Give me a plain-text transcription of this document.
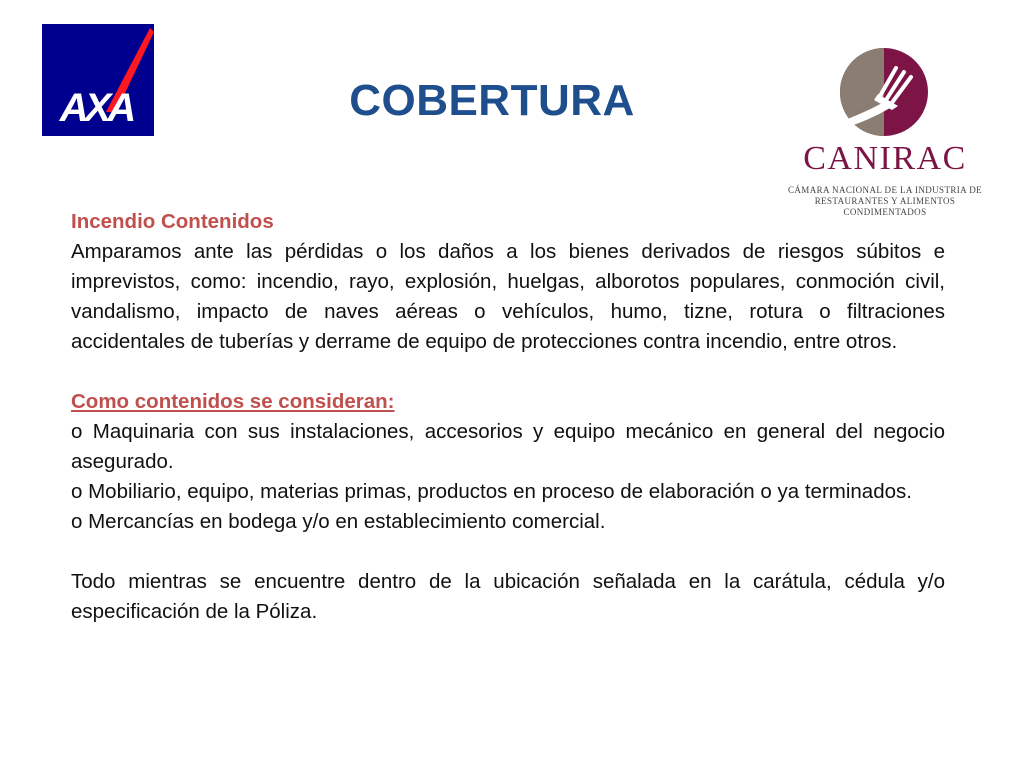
AXA	COBERTURA
CANIRAC
CÁMARA NACIONAL DE LA INDUSTRIA DE
RESTAURANTES Y ALIMENTOS CONDIMENTADOS

Incendio Contenidos

Amparamos ante las pérdidas o los daños a los bienes derivados de riesgos súbitos e imprevistos, como: incendio, rayo, explosión, huelgas, alborotos populares, conmoción civil, vandalismo, impacto de naves aéreas o vehículos, humo, tizne, rotura o filtraciones accidentales de tuberías y derrame de equipo de protecciones contra incendio, entre otros.

Como contenidos se consideran:

o Maquinaria con sus instalaciones, accesorios y equipo mecánico en general del negocio asegurado.

o Mobiliario, equipo, materias primas, productos en proceso de elaboración o ya terminados.

o Mercancías en bodega y/o en establecimiento comercial.

Todo mientras se encuentre dentro de la ubicación señalada en la carátula, cédula y/o especificación de la Póliza.
